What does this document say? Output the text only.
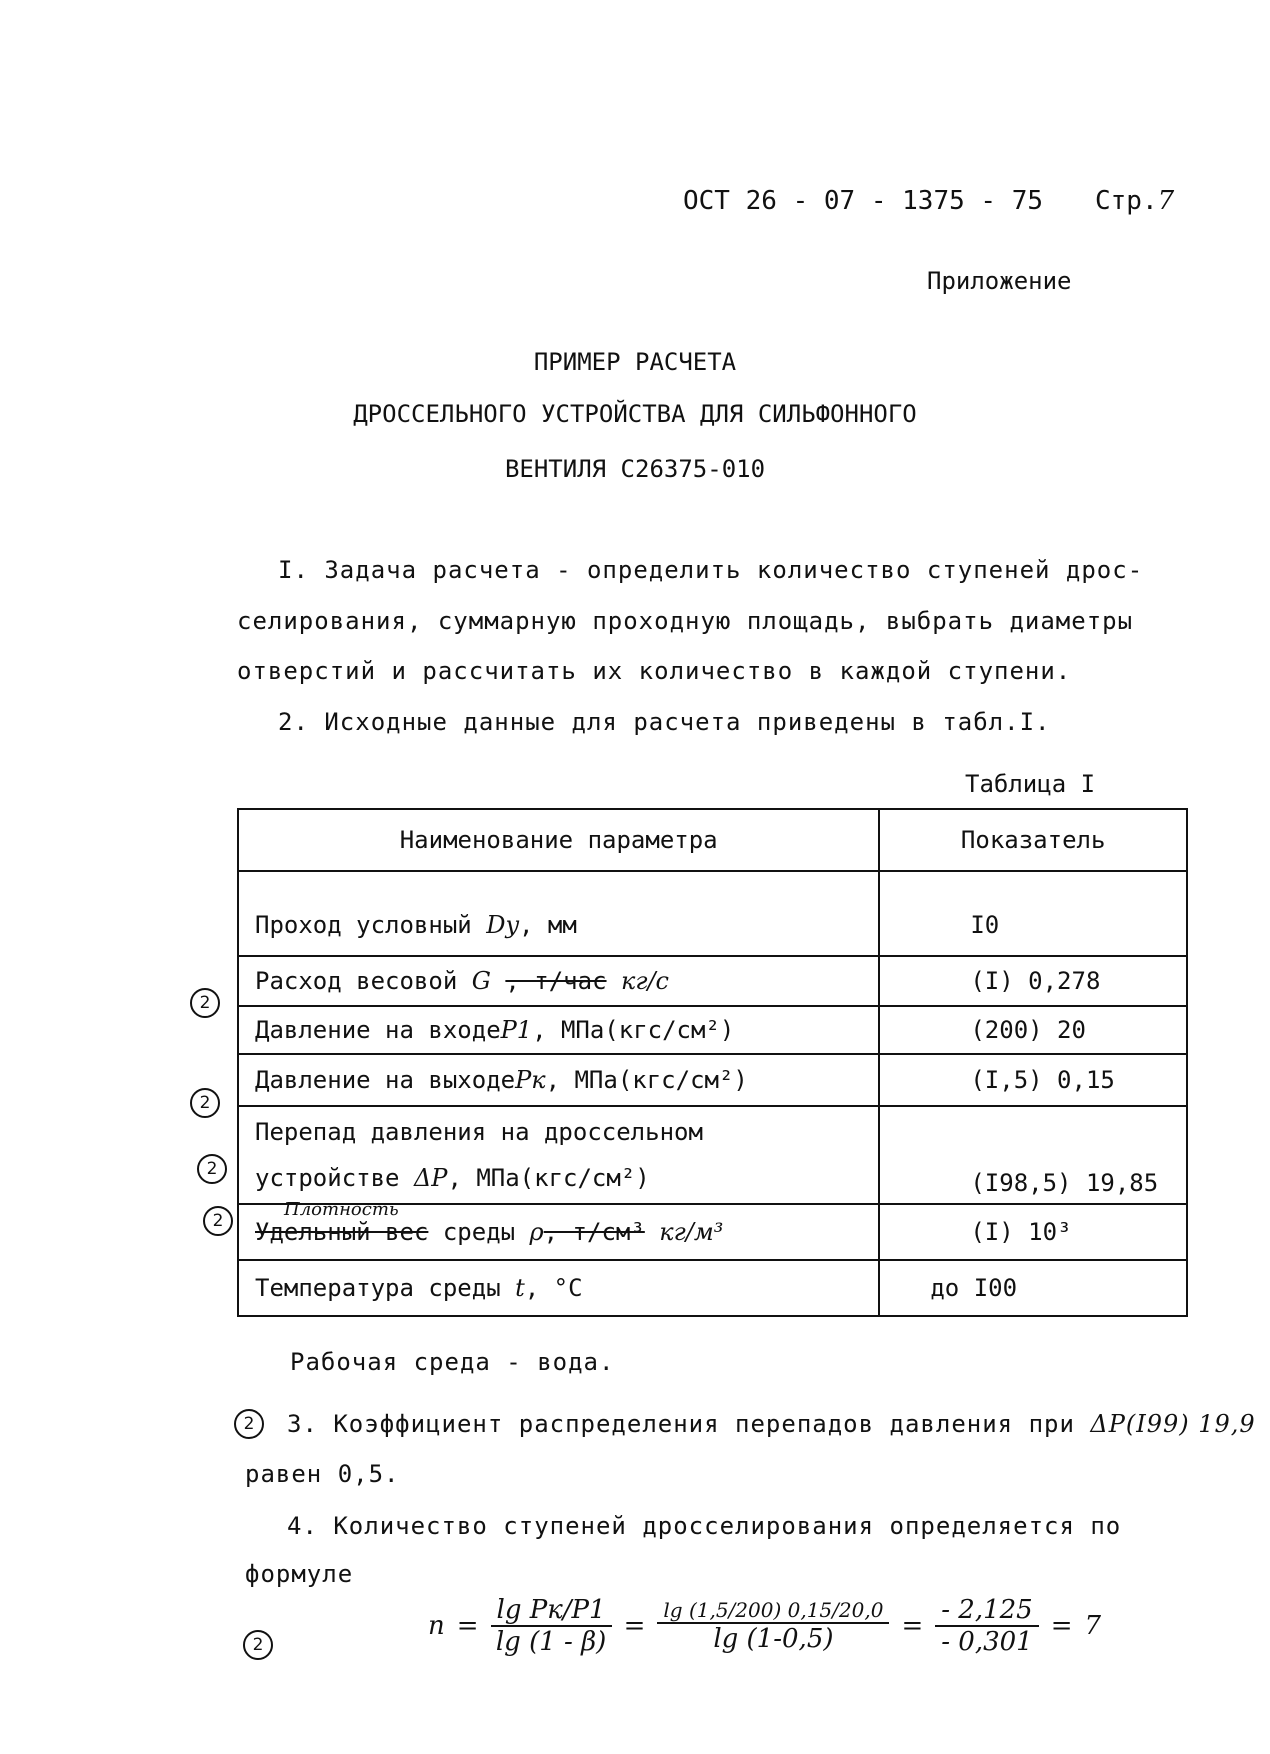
ОСТ 26 - 07 - 1375 - 75 Стр.7
Приложение
ПРИМЕР РАСЧЕТА
ДРОССЕЛЬНОГО УСТРОЙСТВА ДЛЯ СИЛЬФОННОГО
ВЕНТИЛЯ С26375-010
I. Задача расчета - определить количество ступеней дрос-
селирования, суммарную проходную площадь, выбрать диаметры
отверстий и рассчитать их количество в каждой ступени.
2. Исходные данные для расчета приведены в табл.I.
Таблица I
Наименование параметра	Показатель
Проход условный Dy, мм	I0
Расход весовой G , т/час кг/с	(I) 0,278
Давление на входеP1, МПа(кгс/см²)	(200) 20
Давление на выходеPк, МПа(кгс/см²)	(I,5) 0,15

Перепад давления на дроссельном
устройстве ΔP, МПа(кгс/см²)	(I98,5) 19,85

Плотность
Удельный вес среды ρ, т/см³ кг/м³	(I) 10³
Температура среды t, °C	до I00
2
2
2
2
2
2
Рабочая среда - вода.
3. Коэффициент распределения перепадов давления при ΔP(I99) 19,9
равен 0,5.
4. Количество ступеней дросселирования определяется по
формуле
n =
lg Pк/P1
lg (1 - β)
=
lg (1,5/200) 0,15/20,0
lg (1-0,5)	= $\frac{- 2,125}{- 0,301} = 7$
